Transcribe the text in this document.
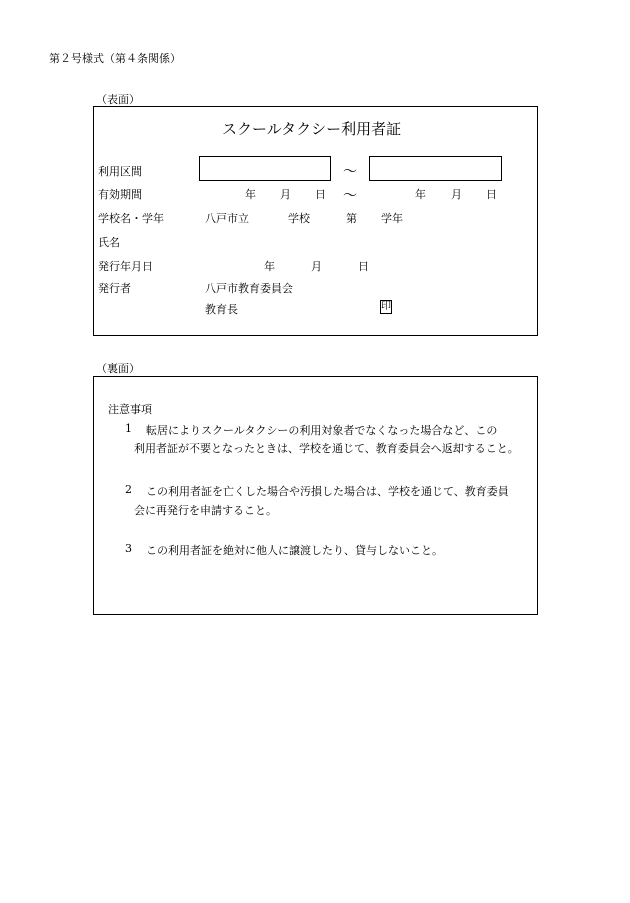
第２号様式（第４条関係）
（表面）
スクールタクシー利用者証
利用区間	～
有効期間	年 月 日 ～	年 月 日
学校名・学年	八戸市立	学校	第 学年
氏名
発行年月日	年	月	日
発行者	八戸市教育委員会
教育長	印
（裏面）
注意事項
1 転居によりスクールタクシーの利用対象者でなくなった場合など、この
利用者証が不要となったときは、学校を通じて、教育委員会へ返却すること。
2 この利用者証を亡くした場合や汚損した場合は、学校を通じて、教育委員
会に再発行を申請すること。
3 この利用者証を絶対に他人に譲渡したり、貸与しないこと。
